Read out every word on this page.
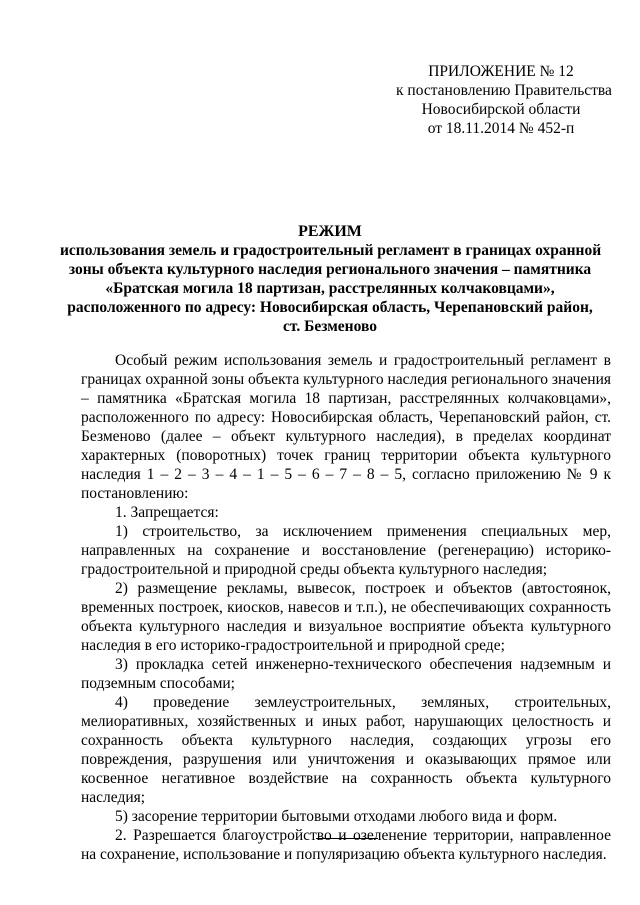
ПРИЛОЖЕНИЕ № 12
к постановлению Правительства
Новосибирской области
от 18.11.2014 № 452-п
РЕЖИМ
использования земель и градостроительный регламент в границах охранной
зоны объекта культурного наследия регионального значения – памятника
«Братская могила 18 партизан, расстрелянных колчаковцами»,
расположенного по адресу: Новосибирская область, Черепановский район,
ст. Безменово

Особый режим использования земель и градостроительный регламент в границах охранной зоны объекта культурного наследия регионального значения – памятника «Братская могила 18 партизан, расстрелянных колчаковцами», расположенного по адресу: Новосибирская область, Черепановский район, ст. Безменово (далее – объект культурного наследия), в пределах координат характерных (поворотных) точек границ территории объекта культурного наследия 1 – 2 – 3 – 4 – 1 – 5 – 6 – 7 – 8 – 5, согласно приложению № 9 к постановлению:

1. Запрещается:

1) строительство, за исключением применения специальных мер, направленных на сохранение и восстановление (регенерацию) историко-градостроительной и природной среды объекта культурного наследия;

2) размещение рекламы, вывесок, построек и объектов (автостоянок, временных построек, киосков, навесов и т.п.), не обеспечивающих сохранность объекта культурного наследия и визуальное восприятие объекта культурного наследия в его историко-градостроительной и природной среде;

3) прокладка сетей инженерно-технического обеспечения надземным и подземным способами;

4) проведение землеустроительных, земляных, строительных, мелиоративных, хозяйственных и иных работ, нарушающих целостность и сохранность объекта культурного наследия, создающих угрозы его повреждения, разрушения или уничтожения и оказывающих прямое или косвенное негативное воздействие на сохранность объекта культурного наследия;

5) засорение территории бытовыми отходами любого вида и форм.

2. Разрешается благоустройство и озеленение территории, направленное на сохранение, использование и популяризацию объекта культурного наследия.
